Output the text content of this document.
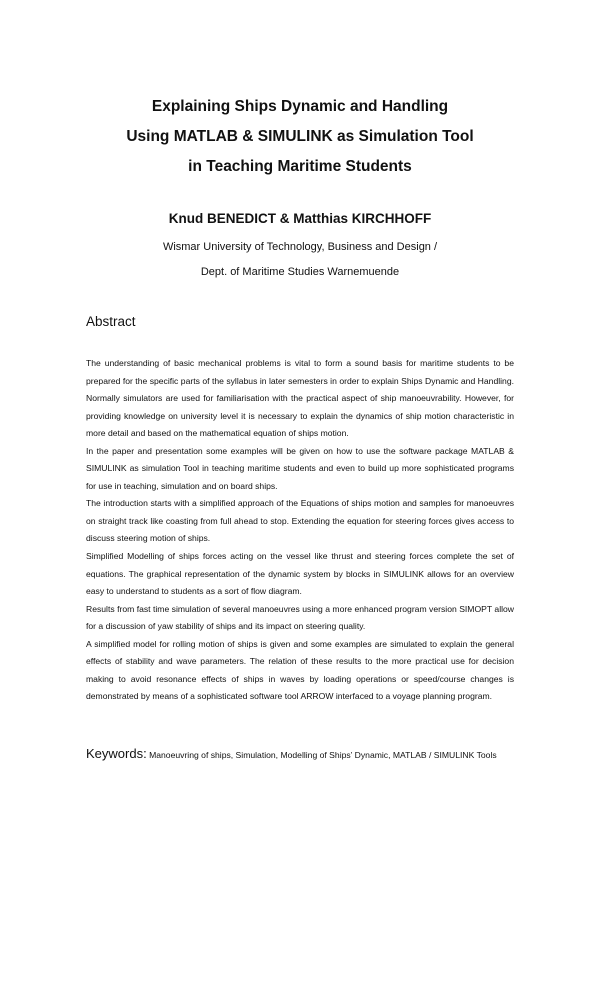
Explaining Ships Dynamic and Handling
Using MATLAB & SIMULINK as Simulation Tool
in Teaching Maritime Students
Knud BENEDICT & Matthias KIRCHHOFF
Wismar University of Technology, Business and Design /
Dept. of Maritime Studies Warnemuende
Abstract

The understanding of basic mechanical problems is vital to form a sound basis for maritime students to be prepared for the specific parts of the syllabus in later semesters in order to explain Ships Dynamic and Handling. Normally simulators are used for familiarisation with the practical aspect of ship manoeuvrability. However, for providing knowledge on university level it is necessary to explain the dynamics of ship motion characteristic in more detail and based on the mathematical equation of ships motion.

In the paper and presentation some examples will be given on how to use the software package MATLAB & SIMULINK as simulation Tool in teaching maritime students and even to build up more sophisticated programs for use in teaching, simulation and on board ships.

The introduction starts with a simplified approach of the Equations of ships motion and samples for manoeuvres on straight track like coasting from full ahead to stop. Extending the equation for steering forces gives access to discuss steering motion of ships.

Simplified Modelling of ships forces acting on the vessel like thrust and steering forces complete the set of equations. The graphical representation of the dynamic system by blocks in SIMULINK allows for an overview easy to understand to students as a sort of flow diagram.

Results from fast time simulation of several manoeuvres using a more enhanced program version SIMOPT allow for a discussion of yaw stability of ships and its impact on steering quality.

A simplified model for rolling motion of ships is given and some examples are simulated to explain the general effects of stability and wave parameters. The relation of these results to the more practical use for decision making to avoid resonance effects of ships in waves by loading operations or speed/course changes is demonstrated by means of a sophisticated software tool ARROW interfaced to a voyage planning program.

Keywords: Manoeuvring of ships, Simulation, Modelling of Ships’ Dynamic, MATLAB / SIMULINK Tools
